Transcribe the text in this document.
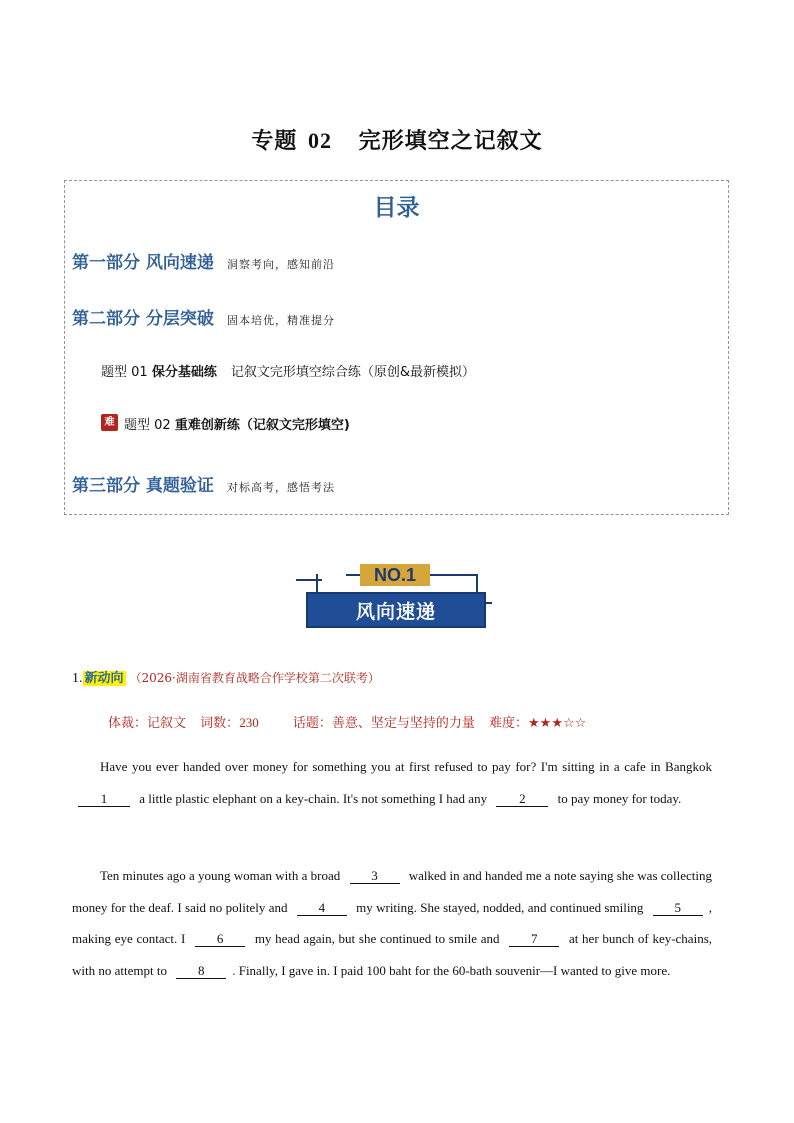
专题 02 完形填空之记叙文
目录
第一部分 风向速递 洞察考向，感知前沿
第二部分 分层突破 固本培优，精准提分
题型 01 保分基础练 记叙文完形填空综合练（原创&最新模拟）
难 题型 02 重难创新练（记叙文完形填空)
第三部分 真题验证 对标高考，感悟考法
NO.1
风向速递
1. 新动向 （2026·湖南省教育战略合作学校第二次联考）
体裁：记叙文 词数：230	话题：善意、坚定与坚持的力量 难度：★★★☆☆

Have you ever handed over money for something you at first refused to pay for? I'm sitting in a cafe in Bangkok 1 a little plastic elephant on a key-chain. It's not something I had any 2 to pay money for today.

Ten minutes ago a young woman with a broad 3 walked in and handed me a note saying she was collecting money for the deaf. I said no politely and 4 my writing. She stayed, nodded, and continued smiling 5 , making eye contact. I 6 my head again, but she continued to smile and 7 at her bunch of key-chains, with no attempt to 8 . Finally, I gave in. I paid 100 baht for the 60-bath souvenir—I wanted to give more.
